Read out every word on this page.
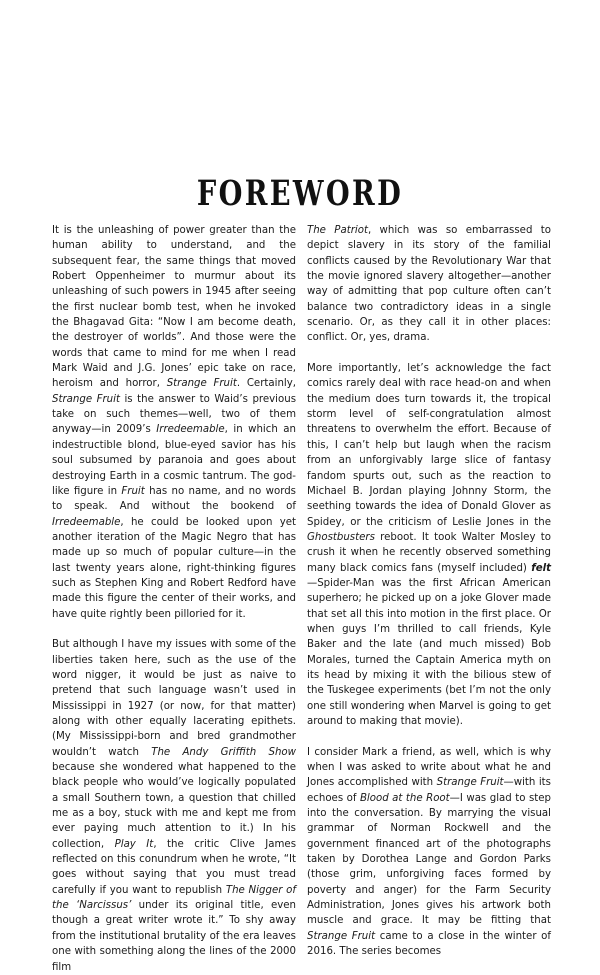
FOREWORD

It is the unleashing of power greater than the human ability to understand, and the subsequent fear, the same things that moved Robert Oppenheimer to murmur about its unleashing of such powers in 1945 after seeing the first nuclear bomb test, when he invoked the Bhagavad Gita: “Now I am become death, the destroyer of worlds”. And those were the words that came to mind for me when I read Mark Waid and J.G. Jones’ epic take on race, heroism and horror, Strange Fruit. Certainly, Strange Fruit is the answer to Waid’s previous take on such themes—well, two of them anyway—in 2009’s Irredeemable, in which an indestructible blond, blue-eyed savior has his soul subsumed by paranoia and goes about destroying Earth in a cosmic tantrum. The god-like figure in Fruit has no name, and no words to speak. And without the bookend of Irredeemable, he could be looked upon yet another iteration of the Magic Negro that has made up so much of popular culture—in the last twenty years alone, right-thinking figures such as Stephen King and Robert Redford have made this figure the center of their works, and have quite rightly been pilloried for it.

But although I have my issues with some of the liberties taken here, such as the use of the word nigger, it would be just as naive to pretend that such language wasn’t used in Mississippi in 1927 (or now, for that matter) along with other equally lacerating epithets. (My Mississippi-born and bred grandmother wouldn’t watch The Andy Griffith Show because she wondered what happened to the black people who would’ve logically populated a small Southern town, a question that chilled me as a boy, stuck with me and kept me from ever paying much attention to it.) In his collection, Play It, the critic Clive James reflected on this conundrum when he wrote, “It goes without saying that you must tread carefully if you want to republish The Nigger of the ‘Narcissus’ under its original title, even though a great writer wrote it.” To shy away from the institutional brutality of the era leaves one with something along the lines of the 2000 film

The Patriot, which was so embarrassed to depict slavery in its story of the familial conflicts caused by the Revolutionary War that the movie ignored slavery altogether—another way of admitting that pop culture often can’t balance two contradictory ideas in a single scenario. Or, as they call it in other places: conflict. Or, yes, drama.

More importantly, let’s acknowledge the fact comics rarely deal with race head-on and when the medium does turn towards it, the tropical storm level of self-congratulation almost threatens to overwhelm the effort. Because of this, I can’t help but laugh when the racism from an unforgivably large slice of fantasy fandom spurts out, such as the reaction to Michael B. Jordan playing Johnny Storm, the seething towards the idea of Donald Glover as Spidey, or the criticism of Leslie Jones in the Ghostbusters reboot. It took Walter Mosley to crush it when he recently observed something many black comics fans (myself included) felt—Spider-Man was the first African American superhero; he picked up on a joke Glover made that set all this into motion in the first place. Or when guys I’m thrilled to call friends, Kyle Baker and the late (and much missed) Bob Morales, turned the Captain America myth on its head by mixing it with the bilious stew of the Tuskegee experiments (bet I’m not the only one still wondering when Marvel is going to get around to making that movie).

I consider Mark a friend, as well, which is why when I was asked to write about what he and Jones accomplished with Strange Fruit—with its echoes of Blood at the Root—I was glad to step into the conversation. By marrying the visual grammar of Norman Rockwell and the government financed art of the photographs taken by Dorothea Lange and Gordon Parks (those grim, unforgiving faces formed by poverty and anger) for the Farm Security Administration, Jones gives his artwork both muscle and grace. It may be fitting that Strange Fruit came to a close in the winter of 2016. The series becomes
